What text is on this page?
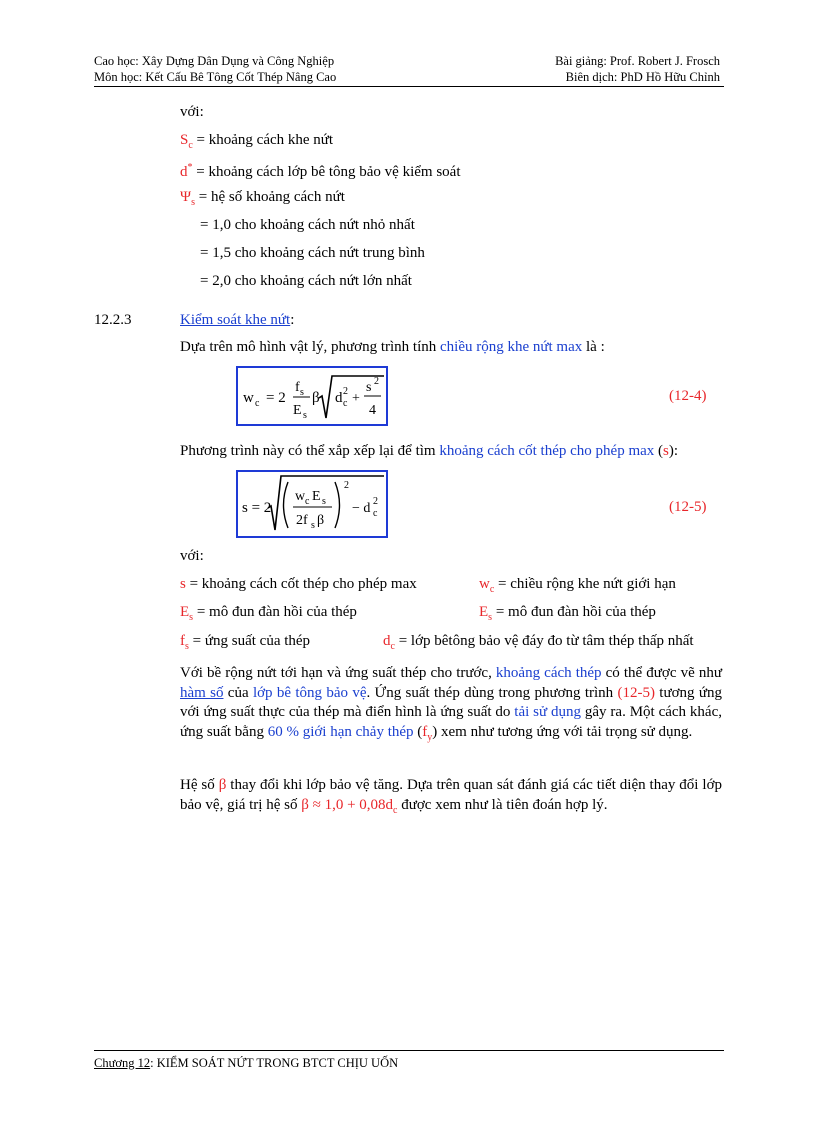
Cao học: Xây Dựng Dân Dụng và Công Nghiệp
Môn học: Kết Cấu Bê Tông Cốt Thép Nâng Cao
Bài giảng: Prof. Robert J. Frosch
Biên dịch: PhD Hồ Hữu Chỉnh
với:
$S_c$ = khoảng cách khe nứt
d* = khoảng cách lớp bê tông bảo vệ kiểm soát
$\Psi_s$ = hệ số khoảng cách nứt
= 1,0 cho khoảng cách nứt nhỏ nhất
= 1,5 cho khoảng cách nứt trung bình
= 2,0 cho khoảng cách nứt lớn nhất
12.2.3	Kiểm soát khe nứt:
Dựa trên mô hình vật lý, phương trình tính chiều rộng khe nứt max là :
w c = 2
f s
E s
β d c
2 +
s 2
4
(12-4)
Phương trình này có thể xắp xếp lại để tìm khoảng cách cốt thép cho phép max (s):
s = 2
w c E s
2f s β
2
− d c
2	(12-5)
với:
s = khoảng cách cốt thép cho phép max	$w_c$ = chiều rộng khe nứt giới hạn
$E_s$ = mô đun đàn hồi của thép	$E_s$ = mô đun đàn hồi của thép
$f_s$ = ứng suất của thép	$d_c$ = lớp bêtông bảo vệ đáy đo từ tâm thép thấp nhất
Với bề rộng nứt tới hạn và ứng suất thép cho trước, khoảng cách thép có thể được vẽ như hàm số của lớp bê tông bảo vệ. Ứng suất thép dùng trong phương trình (12-5) tương ứng với ứng suất thực của thép mà điển hình là ứng suất do tải sử dụng gây ra. Một cách khác, ứng suất bằng 60 % giới hạn chảy thép $(f_y)$ xem như tương ứng với tải trọng sử dụng.
Hệ số β thay đổi khi lớp bảo vệ tăng. Dựa trên quan sát đánh giá các tiết diện thay đổi lớp bảo vệ, giá trị hệ số $\beta \approx 1,0 + 0,08d_c$ được xem như là tiên đoán hợp lý.
Chương 12: KIỂM SOÁT NỨT TRONG BTCT CHỊU UỐN
